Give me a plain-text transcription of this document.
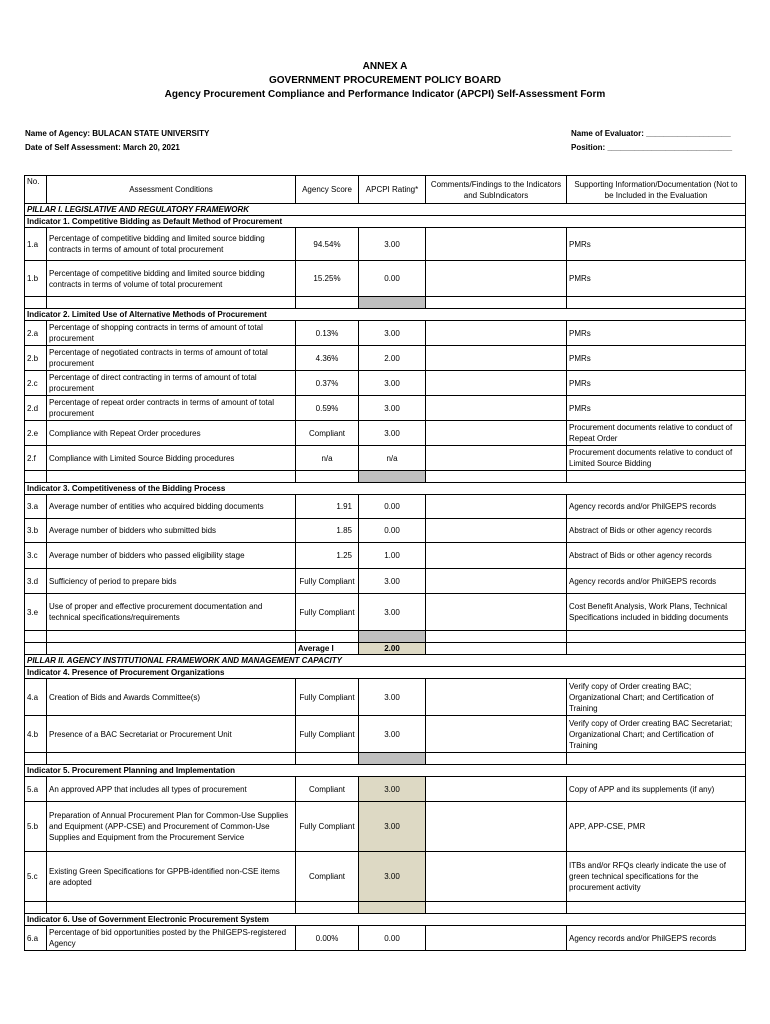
ANNEX A
GOVERNMENT PROCUREMENT POLICY BOARD
Agency Procurement Compliance and Performance Indicator (APCPI) Self-Assessment Form
Name of Agency: BULACAN STATE UNIVERSITY
Date of Self Assessment: March 20, 2021
Name of Evaluator: ___________________
Position: ____________________________
No.	Assessment Conditions	Agency Score	APCPI Rating*	Comments/Findings to the Indicators and SubIndicators	Supporting Information/Documentation (Not to be Included in the Evaluation
PILLAR I. LEGISLATIVE AND REGULATORY FRAMEWORK					
Indicator 1. Competitive Bidding as Default Method of Procurement					
1.a	Percentage of competitive bidding and limited source bidding contracts in terms of amount of total procurement	94.54%	3.00		PMRs
1.b	Percentage of competitive bidding and limited source bidding contracts in terms of volume of total procurement	15.25%	0.00		PMRs

Indicator 2. Limited Use of Alternative Methods of Procurement					
2.a	Percentage of shopping contracts in terms of amount of total procurement	0.13%	3.00		PMRs
2.b	Percentage of negotiated contracts in terms of amount of total procurement	4.36%	2.00		PMRs
2.c	Percentage of direct contracting in terms of amount of total procurement	0.37%	3.00		PMRs
2.d	Percentage of repeat order contracts in terms of amount of total procurement	0.59%	3.00		PMRs
2.e	Compliance with Repeat Order procedures	Compliant	3.00		Procurement documents relative to conduct of Repeat Order
2.f	Compliance with Limited Source Bidding procedures	n/a	n/a		Procurement documents relative to conduct of Limited Source Bidding

Indicator 3. Competitiveness of the Bidding Process					
3.a	Average number of entities who acquired bidding documents	1.91	0.00		Agency records and/or PhilGEPS records
3.b	Average number of bidders who submitted bids	1.85	0.00		Abstract of Bids or other agency records
3.c	Average number of bidders who passed eligibility stage	1.25	1.00		Abstract of Bids or other agency records
3.d	Sufficiency of period to prepare bids	Fully Compliant	3.00		Agency records and/or PhilGEPS records
3.e	Use of proper and effective procurement documentation and technical specifications/requirements	Fully Compliant	3.00		Cost Benefit Analysis, Work Plans, Technical Specifications included in bidding documents

		Average I	2.00		
PILLAR II. AGENCY INSTITUTIONAL FRAMEWORK AND MANAGEMENT CAPACITY					
Indicator 4. Presence of Procurement Organizations					
4.a	Creation of Bids and Awards Committee(s)	Fully Compliant	3.00		Verify copy of Order creating BAC; Organizational Chart; and Certification of Training
4.b	Presence of a BAC Secretariat or Procurement Unit	Fully Compliant	3.00		Verify copy of Order creating BAC Secretariat; Organizational Chart; and Certification of Training

Indicator 5. Procurement Planning and Implementation					
5.a	An approved APP that includes all types of procurement	Compliant	3.00		Copy of APP and its supplements (if any)
5.b	Preparation of Annual Procurement Plan for Common-Use Supplies and Equipment (APP-CSE) and Procurement of Common-Use Supplies and Equipment from the Procurement Service	Fully Compliant	3.00		APP, APP-CSE, PMR
5.c	Existing Green Specifications for GPPB-identified non-CSE items are adopted	Compliant	3.00		ITBs and/or RFQs clearly indicate the use of green technical specifications for the procurement activity

Indicator 6. Use of Government Electronic Procurement System					
6.a	Percentage of bid opportunities posted by the PhilGEPS-registered Agency	0.00%	0.00		Agency records and/or PhilGEPS records
